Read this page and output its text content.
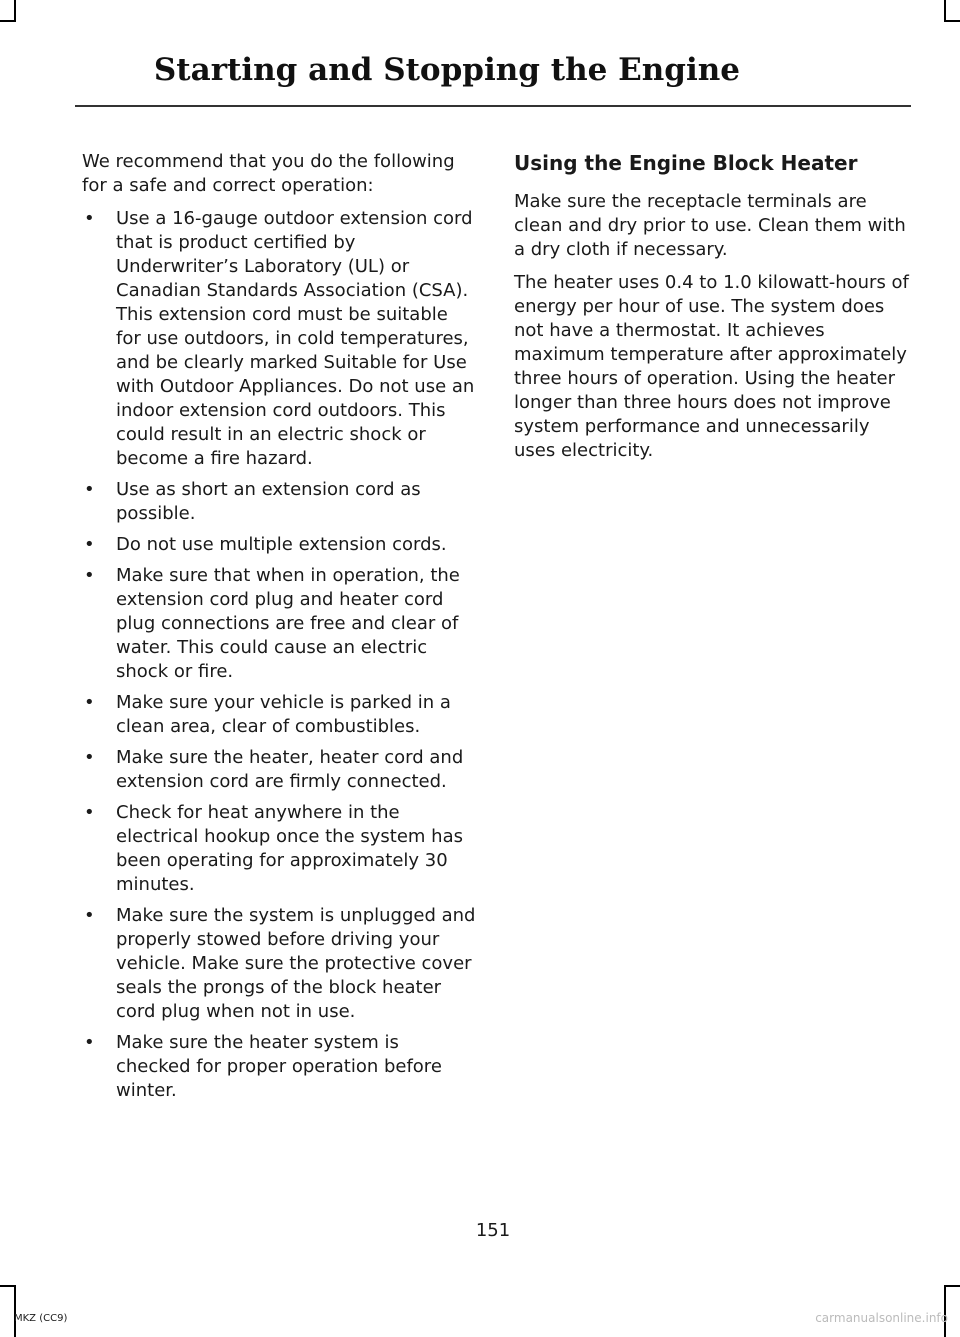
Starting and Stopping the Engine

We recommend that you do the following for a safe and correct operation:

• Use a 16-gauge outdoor extension cord that is product certified by Underwriter’s Laboratory (UL) or Canadian Standards Association (CSA). This extension cord must be suitable for use outdoors, in cold temperatures, and be clearly marked Suitable for Use with Outdoor Appliances. Do not use an indoor extension cord outdoors. This could result in an electric shock or become a fire hazard.
• Use as short an extension cord as possible.
• Do not use multiple extension cords.
• Make sure that when in operation, the extension cord plug and heater cord plug connections are free and clear of water. This could cause an electric shock or fire.
• Make sure your vehicle is parked in a clean area, clear of combustibles.
• Make sure the heater, heater cord and extension cord are firmly connected.
• Check for heat anywhere in the electrical hookup once the system has been operating for approximately 30 minutes.
• Make sure the system is unplugged and properly stowed before driving your vehicle. Make sure the protective cover seals the prongs of the block heater cord plug when not in use.
• Make sure the heater system is checked for proper operation before winter.
Using the Engine Block Heater

Make sure the receptacle terminals are clean and dry prior to use. Clean them with a dry cloth if necessary.

The heater uses 0.4 to 1.0 kilowatt-hours of energy per hour of use. The system does not have a thermostat. It achieves maximum temperature after approximately three hours of operation. Using the heater longer than three hours does not improve system performance and unnecessarily uses electricity.

151
MKZ (CC9)	carmanualsonline.info
